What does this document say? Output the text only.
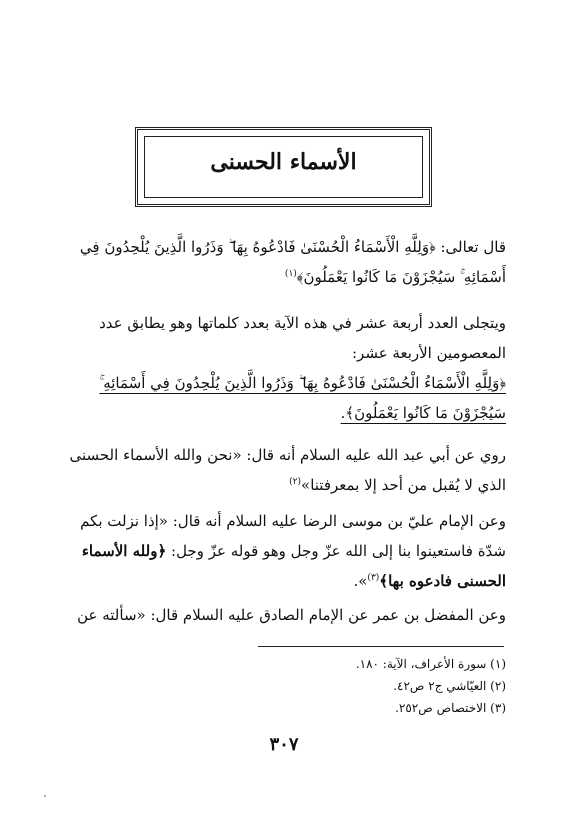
الأسماء الحسنى
قال تعالى: ﴿وَلِلَّهِ الْأَسْمَاءُ الْحُسْنَىٰ فَادْعُوهُ بِهَا ۖ وَذَرُوا الَّذِينَ يُلْحِدُونَ فِي أَسْمَائِهِ ۚ سَيُجْزَوْنَ مَا كَانُوا يَعْمَلُونَ﴾$^{(١)}$
ويتجلى العدد أربعة عشر في هذه الآية بعدد كلماتها وهو يطابق عدد المعصومين الأربعة عشر:
﴿وَلِلَّهِ الْأَسْمَاءُ الْحُسْنَىٰ فَادْعُوهُ بِهَا ۖ وَذَرُوا الَّذِينَ يُلْحِدُونَ فِي أَسْمَائِهِ ۚ
سَيُجْزَوْنَ مَا كَانُوا يَعْمَلُونَ﴾.
روي عن أبي عبد الله عليه السلام أنه قال: «نحن والله الأسماء الحسنى الذي لا يُقبل من أحد إلا بمعرفتنا»$^{(٢)}$
وعن الإمام عليّ بن موسى الرضا عليه السلام أنه قال: «إذا نزلت بكم شدّة فاستعينوا بنا إلى الله عزّ وجل وهو قوله عزّ وجل: ﴿ولله الأسماء الحسنى فادعوه بها﴾$^{(٣)}$».
وعن المفضل بن عمر عن الإمام الصادق عليه السلام قال: «سألته عن
(١) سورة الأعراف، الآية: ١٨٠.
(٢) العيّاشي ج٢ ص٤٢.
(٣) الاختصاص ص٢٥٢.
٣٠٧
